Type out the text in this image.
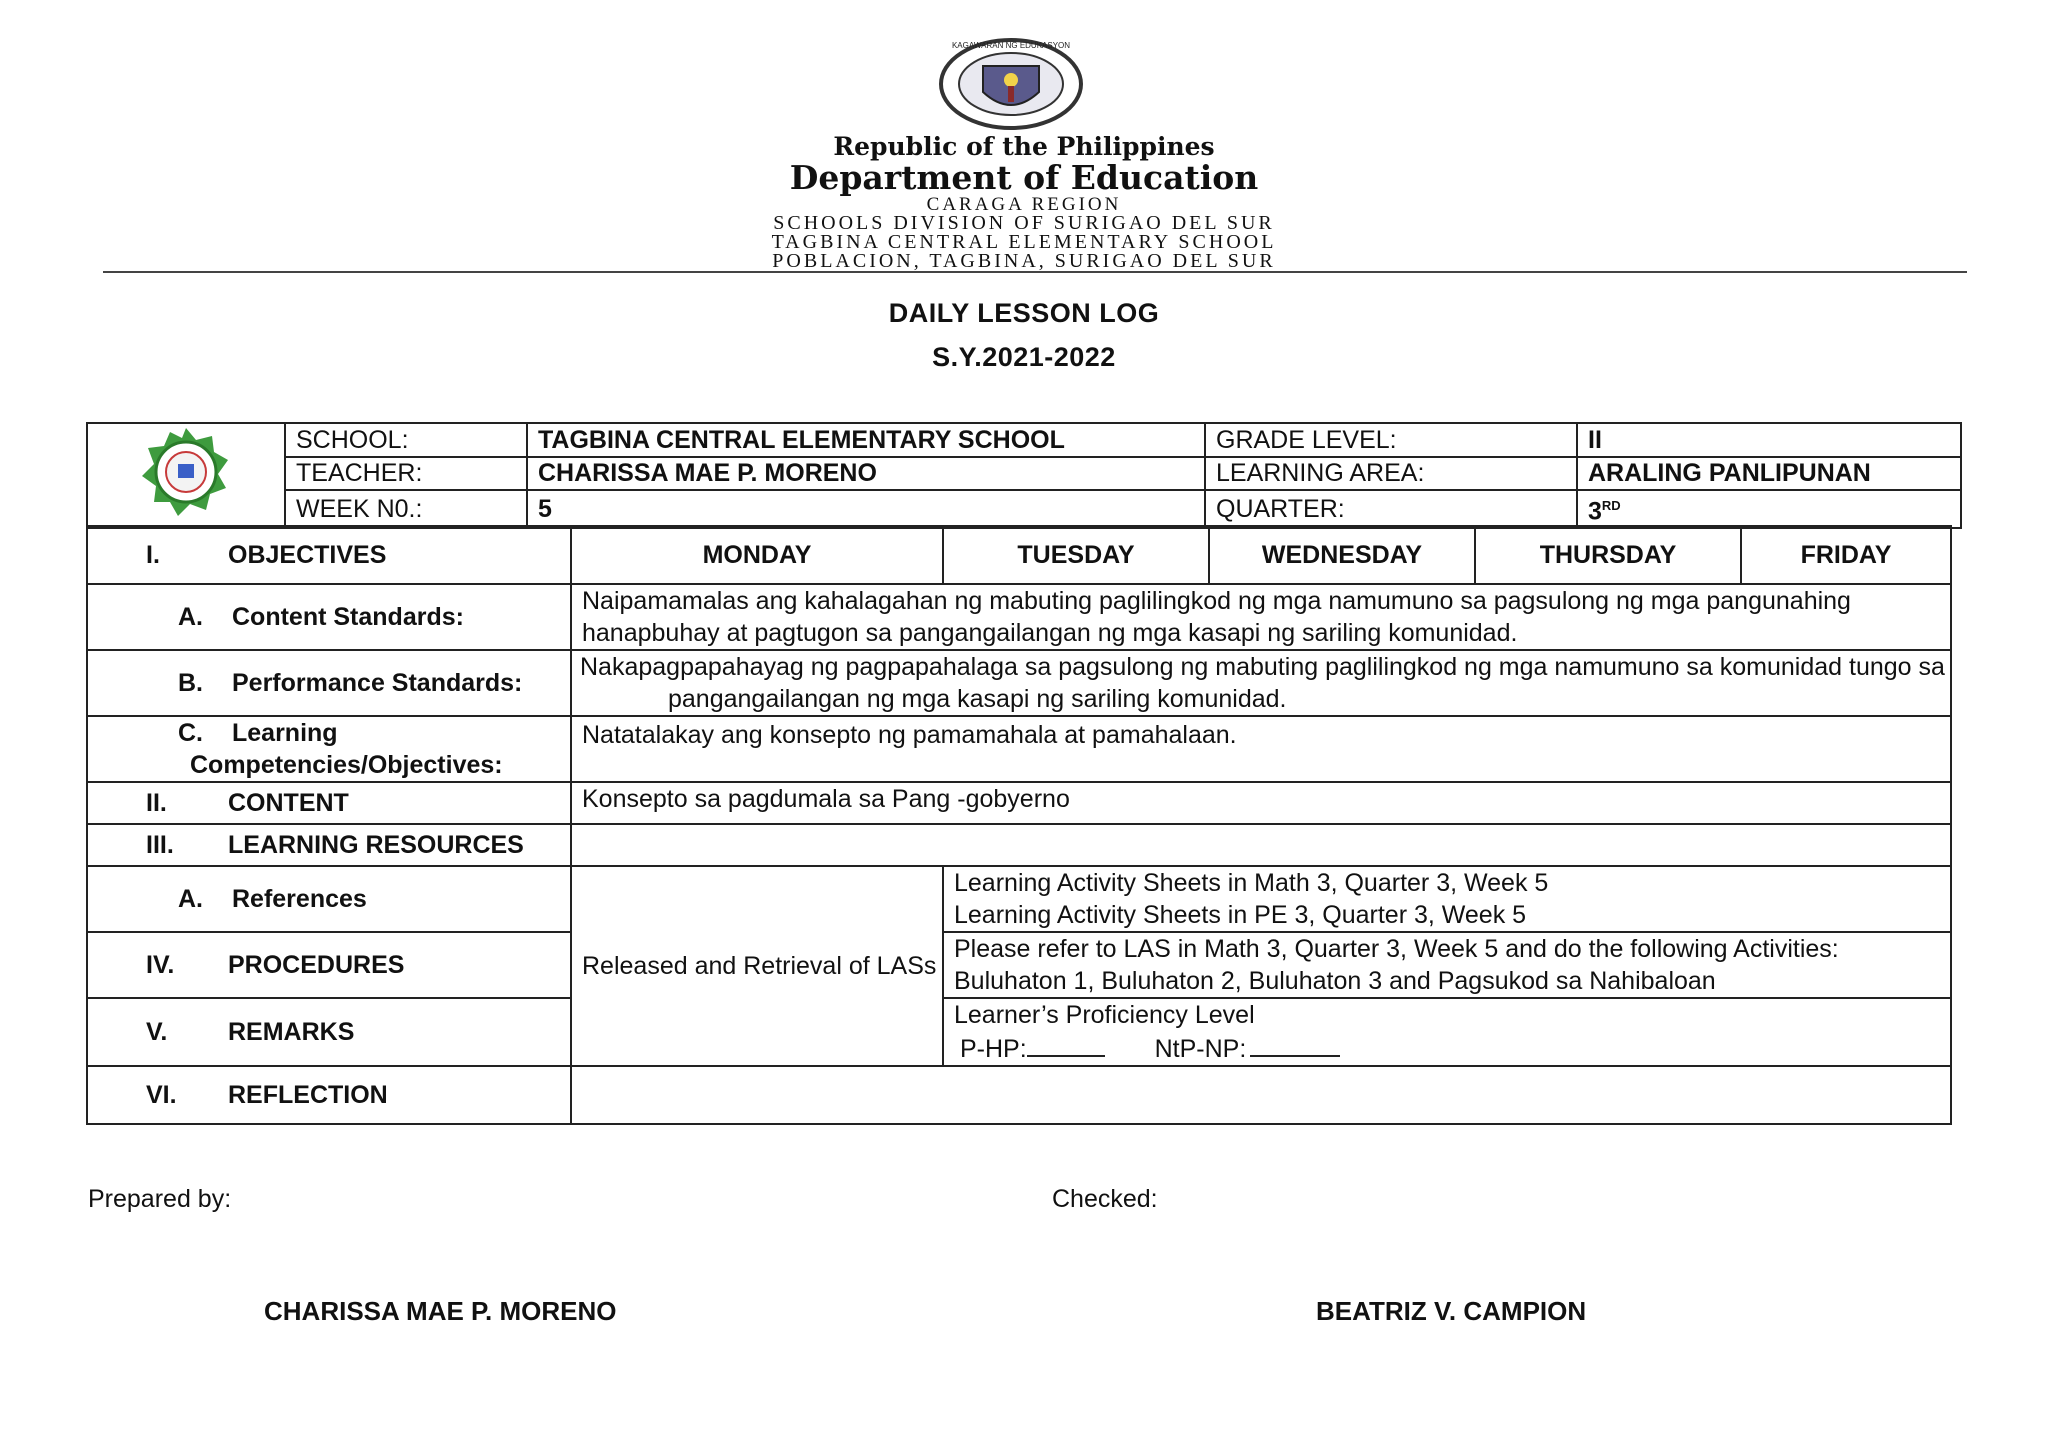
KAGAWARAN NG EDUKASYON
Republic of the Philippines
Department of Education
CARAGA REGION
SCHOOLS DIVISION OF SURIGAO DEL SUR
TAGBINA CENTRAL ELEMENTARY SCHOOL
POBLACION, TAGBINA, SURIGAO DEL SUR
DAILY LESSON LOG
S.Y.2021-2022
	SCHOOL:	TAGBINA CENTRAL ELEMENTARY SCHOOL	GRADE LEVEL:	II
	TEACHER:	CHARISSA MAE P. MORENO	LEARNING AREA:	ARALING PANLIPUNAN
	WEEK N0.:	5	QUARTER:	3RD
I. OBJECTIVES	MONDAY	TUESDAY	WEDNESDAY	THURSDAY	FRIDAY
A. Content Standards:	Naipamamalas ang kahalagahan ng mabuting paglilingkod ng mga namumuno sa pagsulong ng mga pangunahing hanapbuhay at pagtugon sa pangangailangan ng mga kasapi ng sariling komunidad.				
B. Performance Standards:	Nakapagpapahayag ng pagpapahalaga sa pagsulong ng mabuting paglilingkod ng mga namumuno sa komunidad tungo sa
pangangailangan ng mga kasapi ng sariling komunidad.				

C. Learning
Competencies/Objectives:	Natatalakay ang konsepto ng pamamahala at pamahalaan.				
II. CONTENT	Konsepto sa pagdumala sa Pang -gobyerno				
III. LEARNING RESOURCES					
A. References	Released and Retrieval of LASs	Learning Activity Sheets in Math 3, Quarter 3, Week 5
Learning Activity Sheets in PE 3, Quarter 3, Week 5			

IV. PROCEDURES		Please refer to LAS in Math 3, Quarter 3, Week 5 and do the following Activities:
Buluhaton 1, Buluhaton 2, Buluhaton 3 and Pagsukod sa Nahibaloan			

V. REMARKS		Learner’s Proficiency Level
P-HP: NtP-NP:			

VI. REFLECTION					
Prepared by:	Checked:
CHARISSA MAE P. MORENO	BEATRIZ V. CAMPION
